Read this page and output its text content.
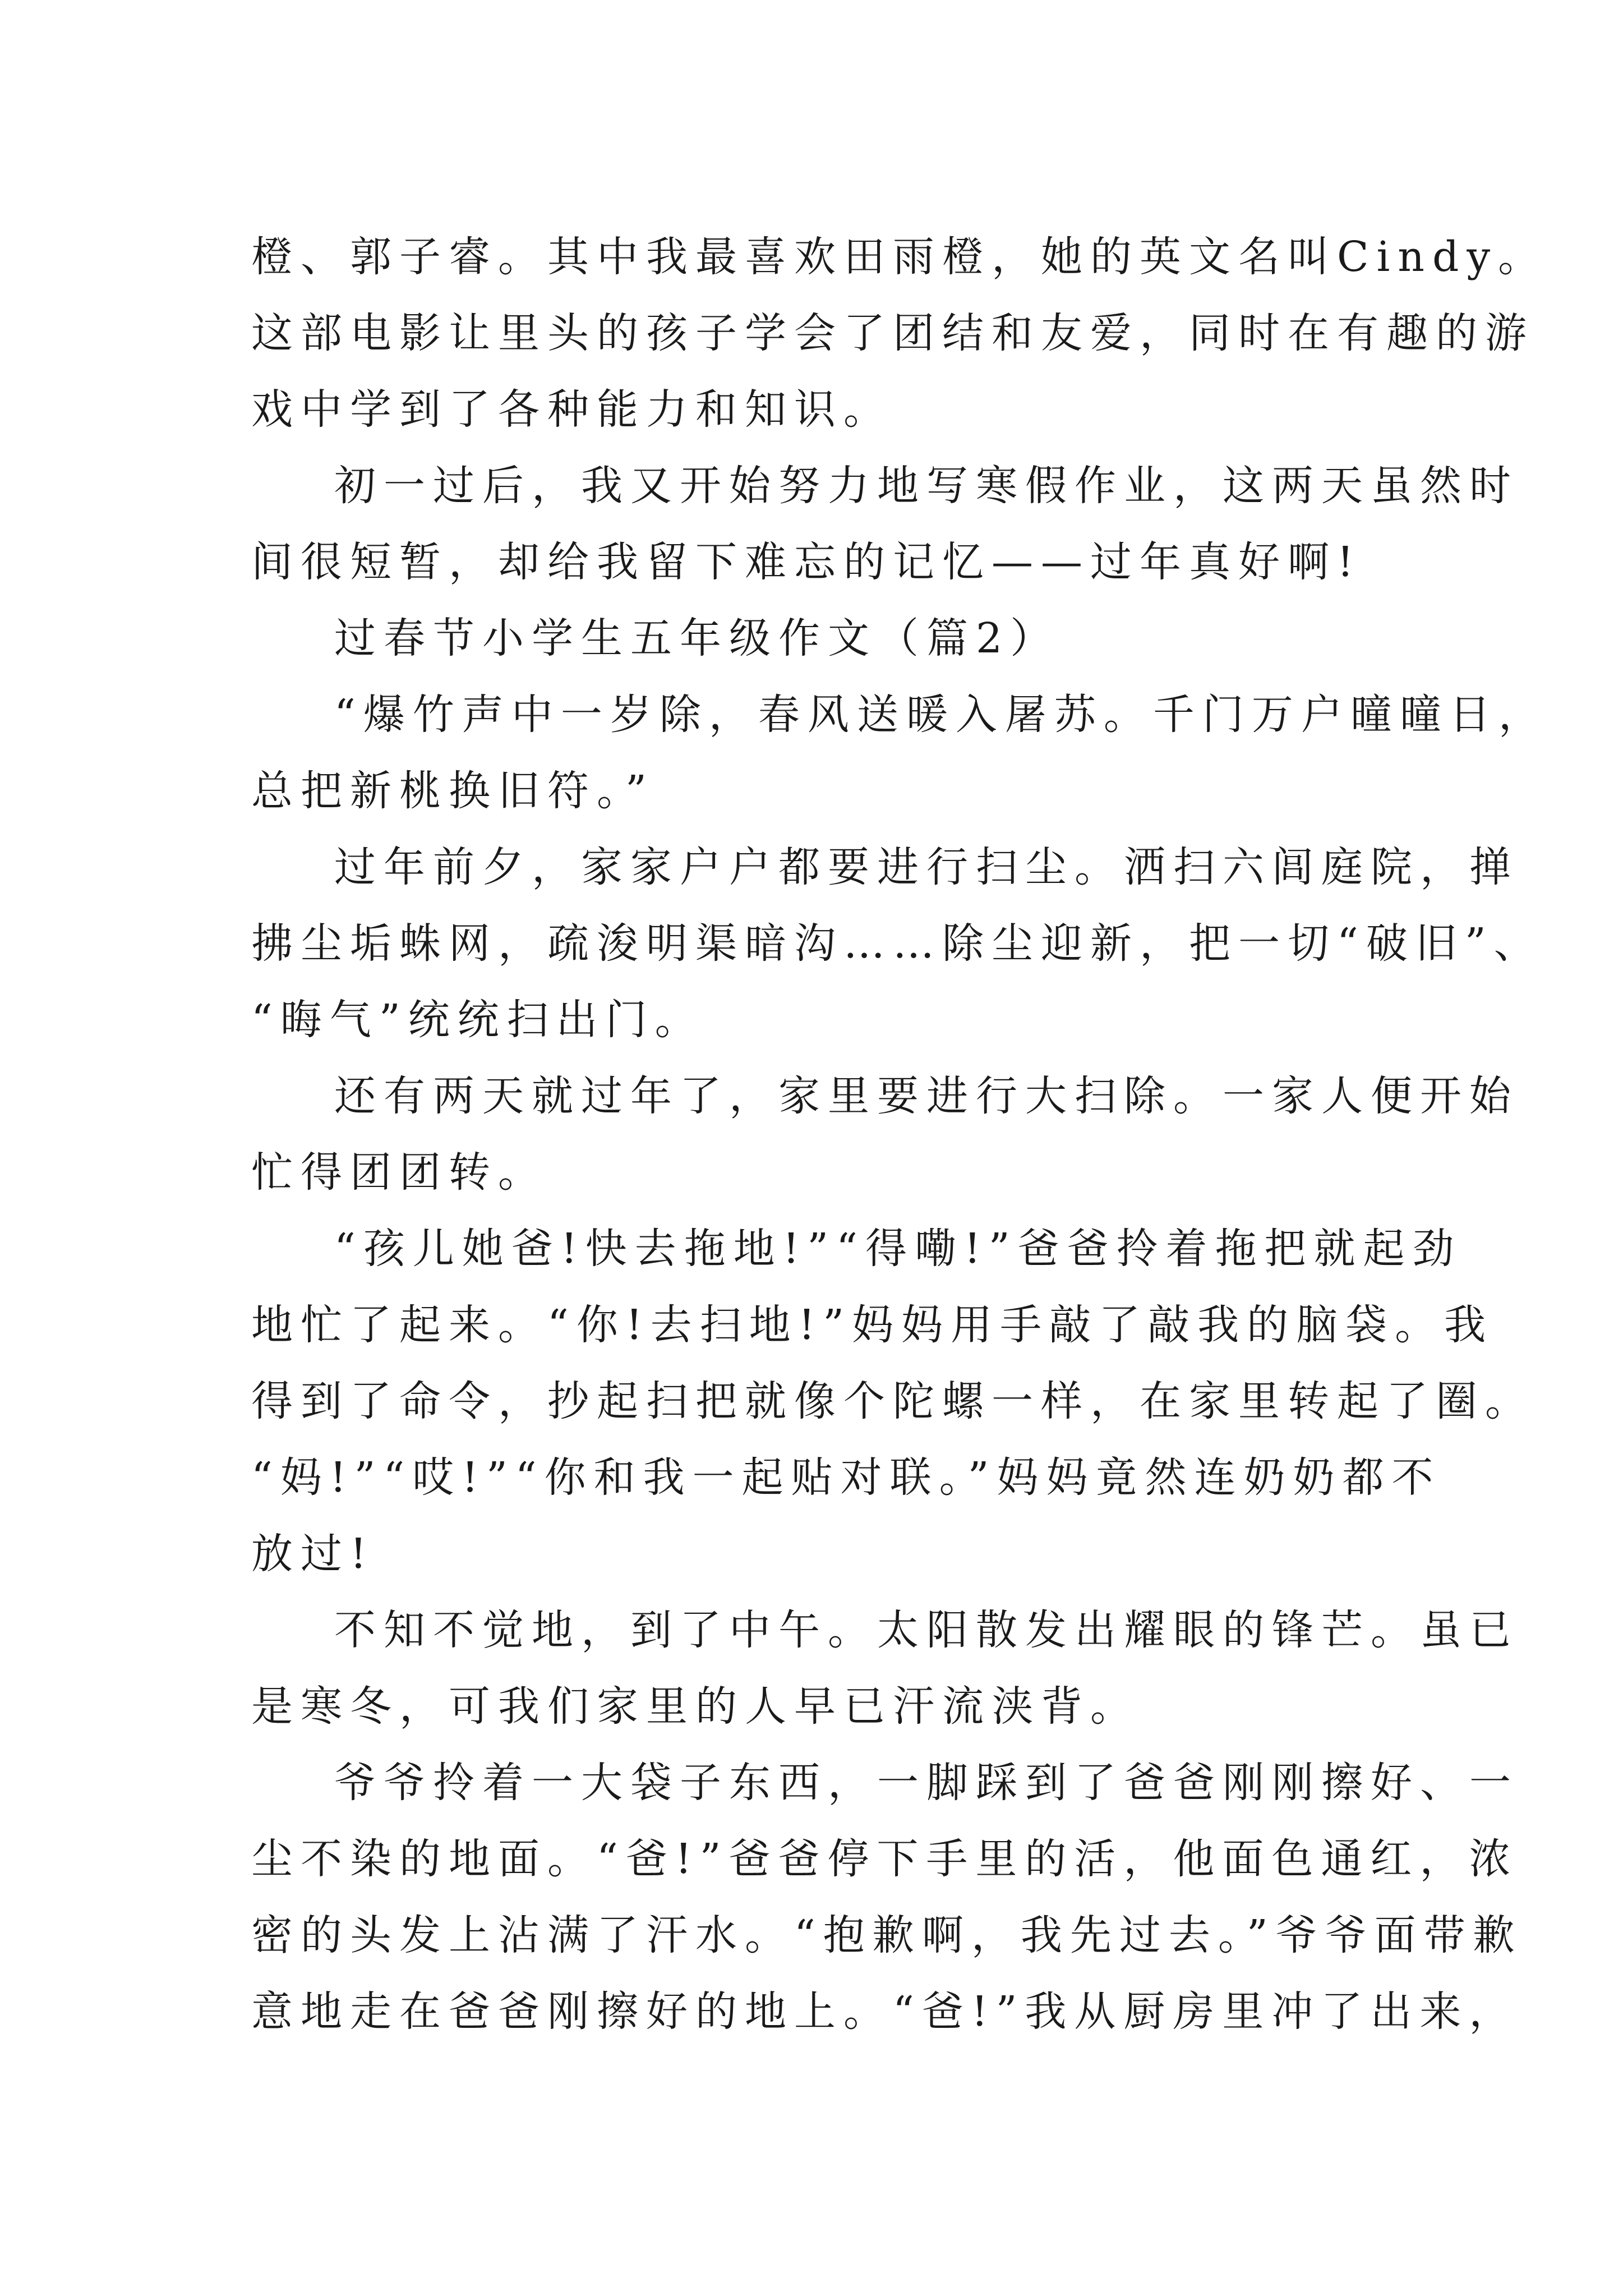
橙、郭子睿。其中我最喜欢田雨橙，她的英文名叫Cindy。
这部电影让里头的孩子学会了团结和友爱，同时在有趣的游
戏中学到了各种能力和知识。
初一过后，我又开始努力地写寒假作业，这两天虽然时
间很短暂，却给我留下难忘的记忆——过年真好啊!
过春节小学生五年级作文（篇2）
“爆竹声中一岁除，春风送暖入屠苏。千门万户曈曈日，
总把新桃换旧符。”
过年前夕，家家户户都要进行扫尘。洒扫六闾庭院，掸
拂尘垢蛛网，疏浚明渠暗沟……除尘迎新，把一切“破旧”、
“晦气”统统扫出门。
还有两天就过年了，家里要进行大扫除。一家人便开始
忙得团团转。
“孩儿她爸!快去拖地!”“得嘞!”爸爸拎着拖把就起劲
地忙了起来。“你!去扫地!”妈妈用手敲了敲我的脑袋。我
得到了命令，抄起扫把就像个陀螺一样，在家里转起了圈。
“妈!”“哎!”“你和我一起贴对联。”妈妈竟然连奶奶都不
放过!
不知不觉地，到了中午。太阳散发出耀眼的锋芒。虽已
是寒冬，可我们家里的人早已汗流浃背。
爷爷拎着一大袋子东西，一脚踩到了爸爸刚刚擦好、一
尘不染的地面。“爸!”爸爸停下手里的活，他面色通红，浓
密的头发上沾满了汗水。“抱歉啊，我先过去。”爷爷面带歉
意地走在爸爸刚擦好的地上。“爸!”我从厨房里冲了出来，
